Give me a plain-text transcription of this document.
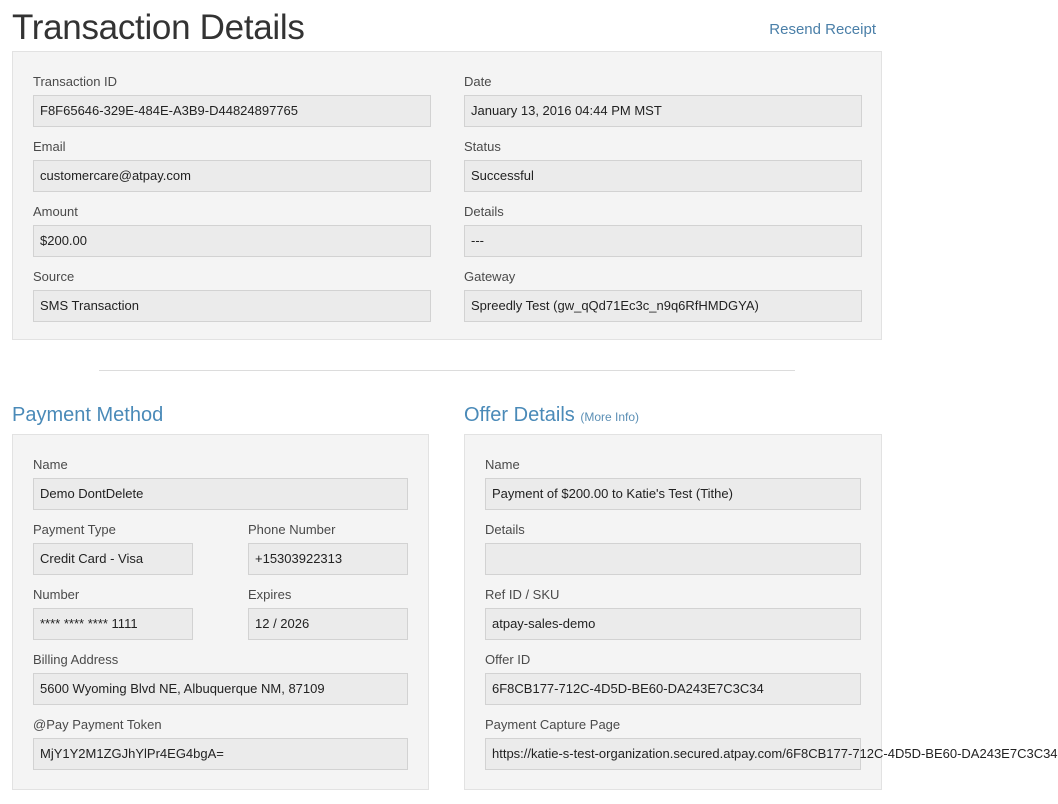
Transaction Details	Resend Receipt
Transaction ID
F8F65646-329E-484E-A3B9-D44824897765
Date
January 13, 2016 04:44 PM MST
Email
customercare@atpay.com
Status
Successful
Amount
$200.00
Details
---
Source
SMS Transaction
Gateway
Spreedly Test (gw_qQd71Ec3c_n9q6RfHMDGYA)
Payment Method	Offer Details (More Info)
Name
Demo DontDelete
Payment Type
Credit Card - Visa
Phone Number
+15303922313
Number
**** **** **** 1111
Expires
12 / 2026
Billing Address
5600 Wyoming Blvd NE, Albuquerque NM, 87109
@Pay Payment Token
MjY1Y2M1ZGJhYlPr4EG4bgA=
Name
Payment of $200.00 to Katie's Test (Tithe)
Details
Ref ID / SKU
atpay-sales-demo
Offer ID
6F8CB177-712C-4D5D-BE60-DA243E7C3C34
Payment Capture Page
https://katie-s-test-organization.secured.atpay.com/6F8CB177-712C-4D5D-BE60-DA243E7C3C34
